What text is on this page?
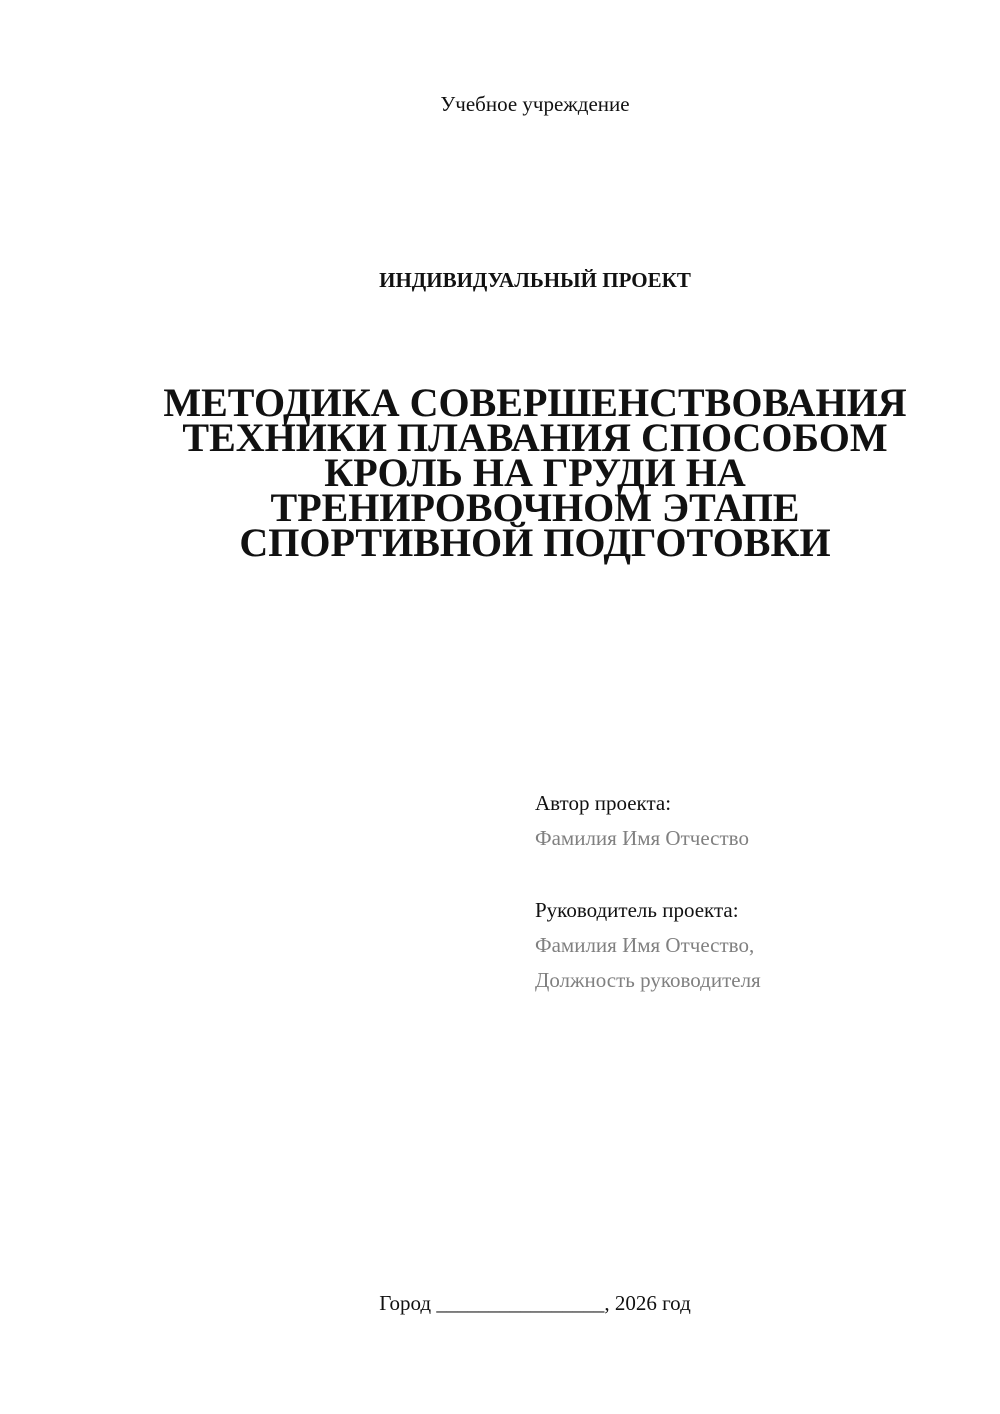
Учебное учреждение
ИНДИВИДУАЛЬНЫЙ ПРОЕКТ
МЕТОДИКА СОВЕРШЕНСТВОВАНИЯ
ТЕХНИКИ ПЛАВАНИЯ СПОСОБОМ
КРОЛЬ НА ГРУДИ НА
ТРЕНИРОВОЧНОМ ЭТАПЕ
СПОРТИВНОЙ ПОДГОТОВКИ
Автор проекта:
Фамилия Имя Отчество
Руководитель проекта:
Фамилия Имя Отчество,
Должность руководителя
Город ________________, 2026 год
